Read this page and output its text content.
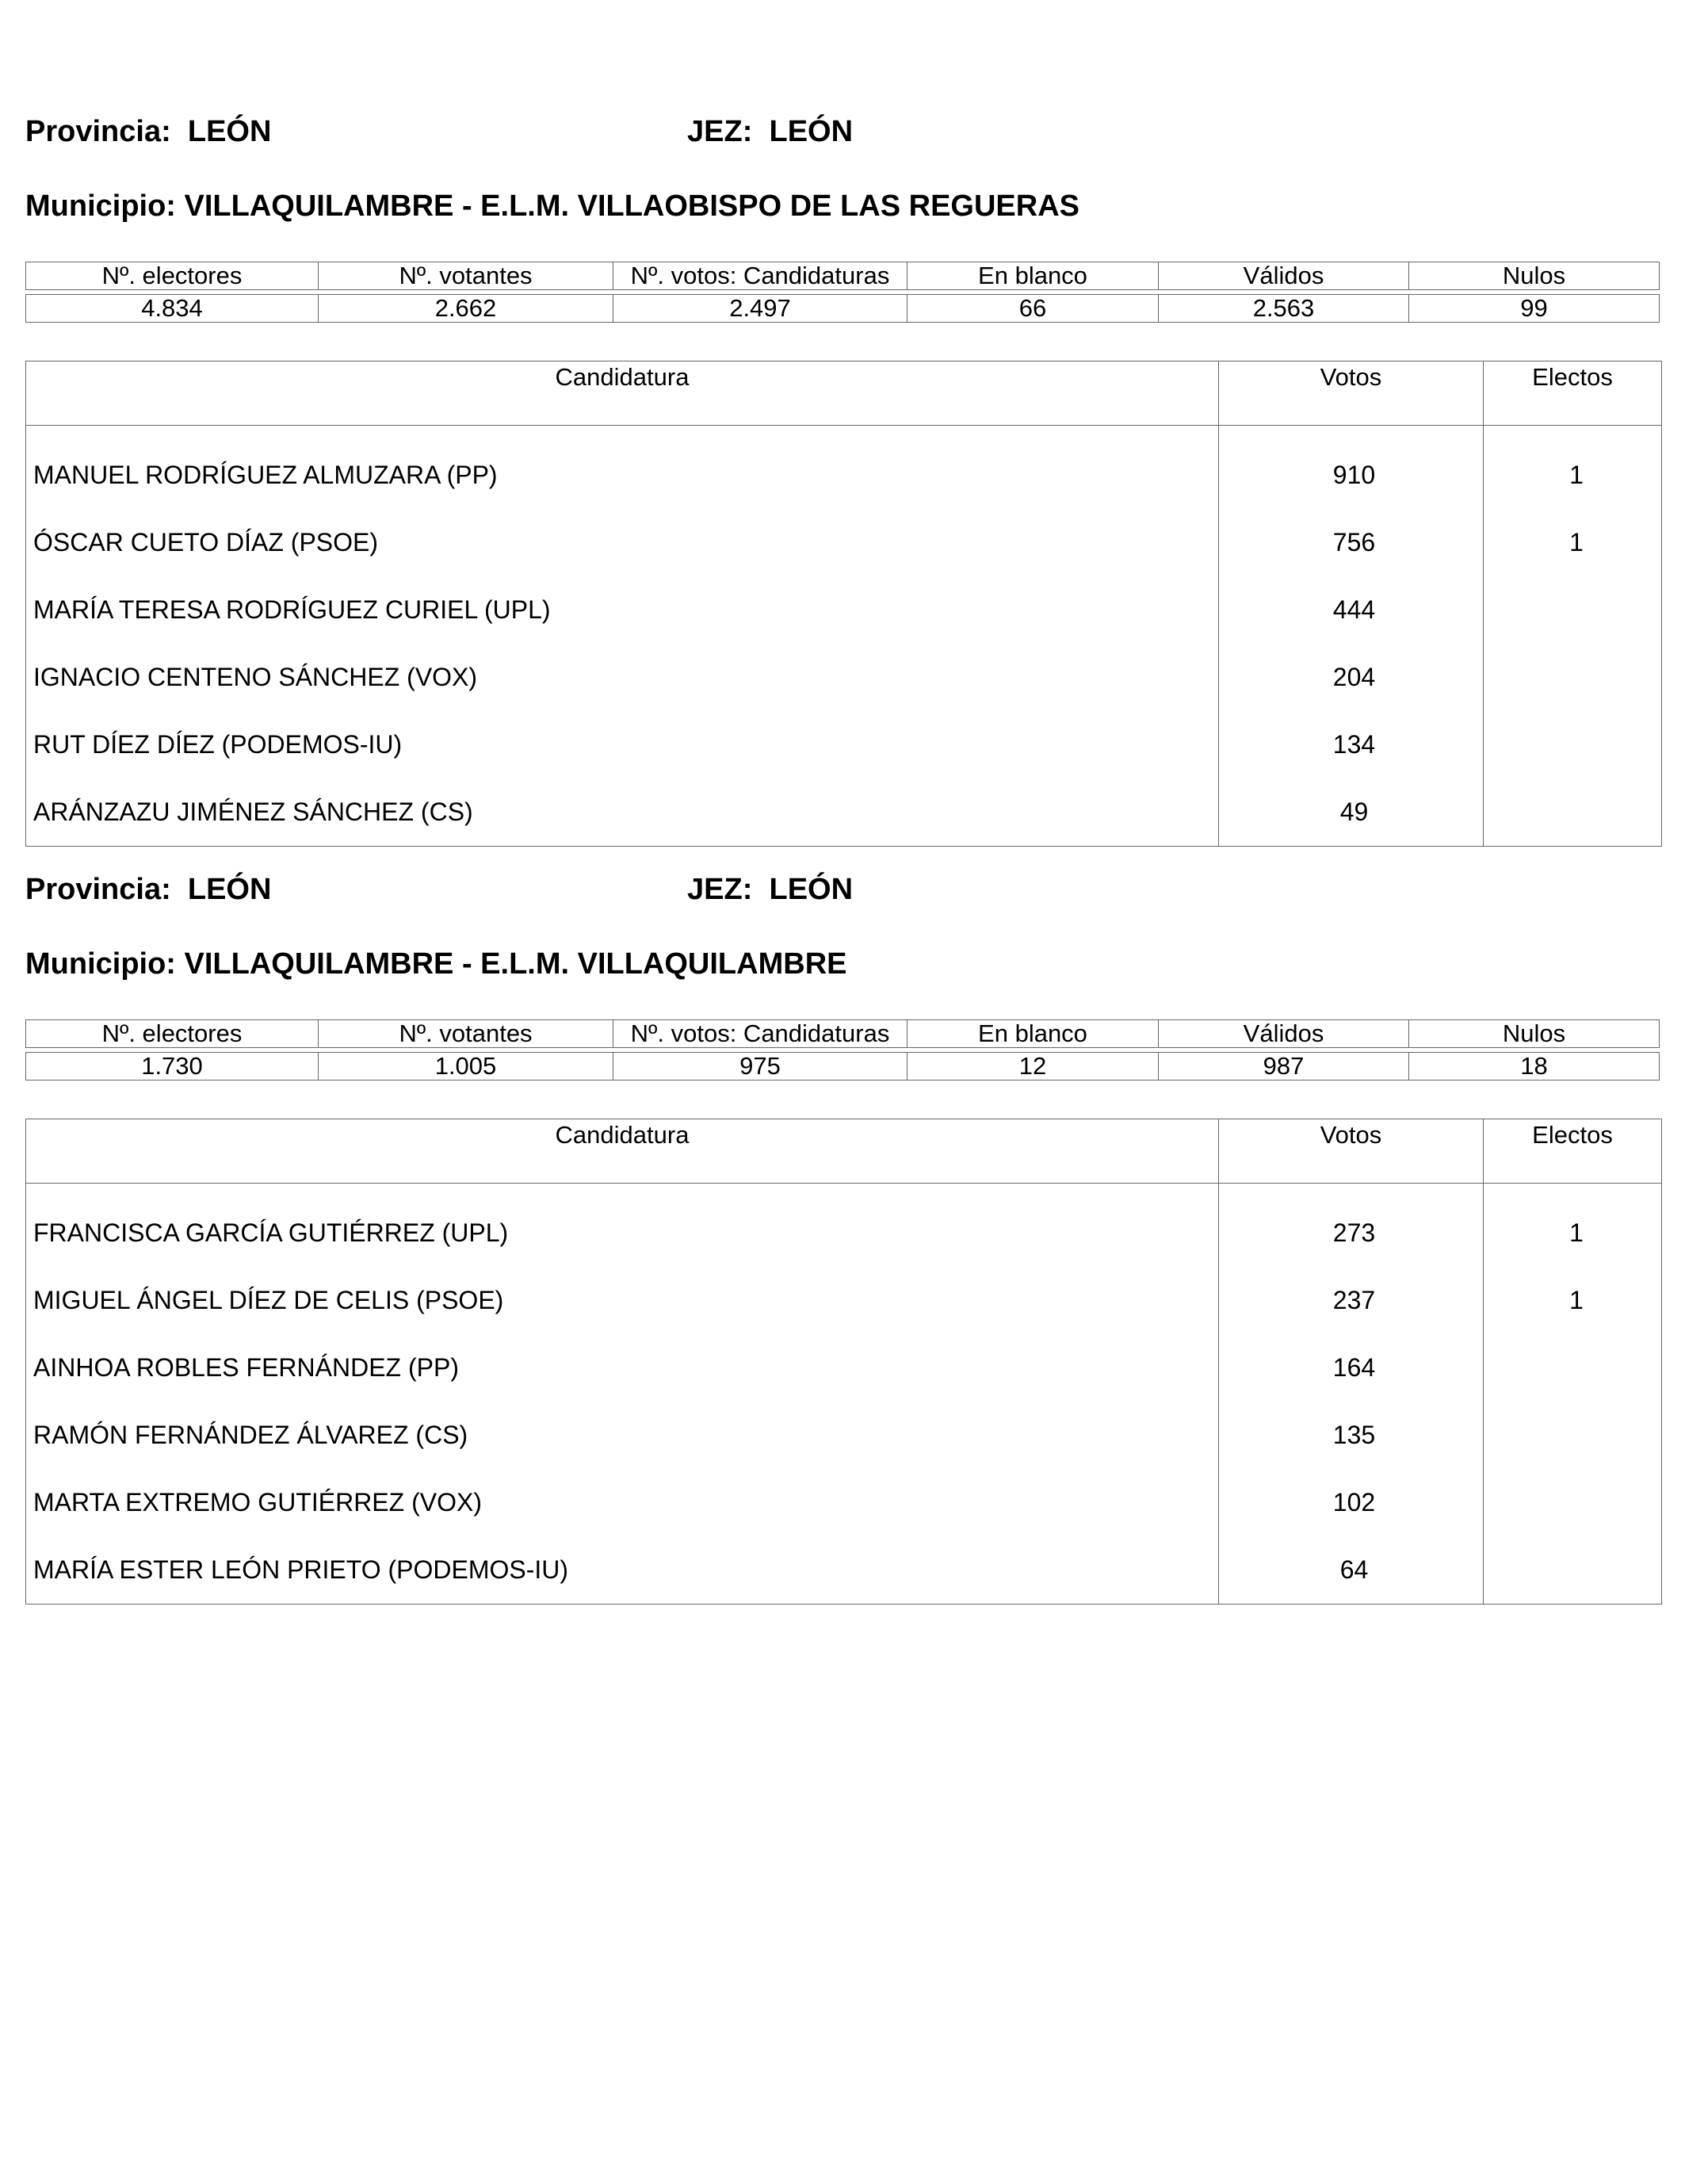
Provincia: LEÓN	JEZ: LEÓN
Municipio: VILLAQUILAMBRE - E.L.M. VILLAOBISPO DE LAS REGUERAS
Nº. electores	Nº. votantes	Nº. votos: Candidaturas	En blanco	Válidos	Nulos
4.834	2.662	2.497	66	2.563	99
Candidatura	Votos	Electos
MANUEL RODRÍGUEZ ALMUZARA (PP)	910	1
ÓSCAR CUETO DÍAZ (PSOE)	756	1
MARÍA TERESA RODRÍGUEZ CURIEL (UPL)	444	
IGNACIO CENTENO SÁNCHEZ (VOX)	204	
RUT DÍEZ DÍEZ (PODEMOS-IU)	134	
ARÁNZAZU JIMÉNEZ SÁNCHEZ (CS)	49	
Provincia: LEÓN	JEZ: LEÓN
Municipio: VILLAQUILAMBRE - E.L.M. VILLAQUILAMBRE
Nº. electores	Nº. votantes	Nº. votos: Candidaturas	En blanco	Válidos	Nulos
1.730	1.005	975	12	987	18
Candidatura	Votos	Electos
FRANCISCA GARCÍA GUTIÉRREZ (UPL)	273	1
MIGUEL ÁNGEL DÍEZ DE CELIS (PSOE)	237	1
AINHOA ROBLES FERNÁNDEZ (PP)	164	
RAMÓN FERNÁNDEZ ÁLVAREZ (CS)	135	
MARTA EXTREMO GUTIÉRREZ (VOX)	102	
MARÍA ESTER LEÓN PRIETO (PODEMOS-IU)	64	
